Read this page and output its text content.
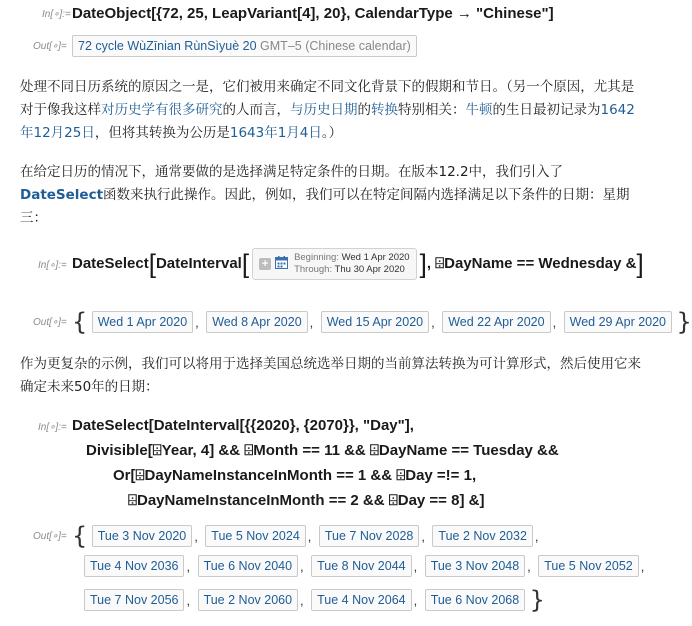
In[∘]:= DateObject[{72, 25, LeapVariant[4], 20}, CalendarType → "Chinese"]
Out[∘]= 72 cycle WùZīnian RùnSìyuè 20 GMT–5 (Chinese calendar)
处理不同日历系统的原因之一是，它们被用来确定不同文化背景下的假期和节日。（另一个原因，尤其是对于像我这样对历史学有很多研究的人而言，与历史日期的转换特别相关：牛顿的生日最初记录为1642年12月25日，但将其转换为公历是1643年1月4日。）
在给定日历的情况下，通常要做的是选择满足特定条件的日期。在版本12.2中，我们引入了DateSelect函数来执行此操作。因此，例如，我们可以在特定间隔内选择满足以下条件的日期：星期三：
In[∘]:= DateSelect[DateInterval[ +Beginning: Wed 1 Apr 2020
Through: Thu 30 Apr 2020 ], ⌹DayName == Wednesday &]
Out[∘]= { Wed 1 Apr 2020 , Wed 8 Apr 2020 , Wed 15 Apr 2020 , Wed 22 Apr 2020 , Wed 29 Apr 2020 }
作为更复杂的示例，我们可以将用于选择美国总统选举日期的当前算法转换为可计算形式，然后使用它来确定未来50年的日期：
In[∘]:= DateSelect[DateInterval[{{2020}, {2070}}, "Day"],
Divisible[⌹Year, 4] && ⌹Month == 11 && ⌹DayName == Tuesday &&
Or[⌹DayNameInstanceInMonth == 1 && ⌹Day =!= 1,
⌹DayNameInstanceInMonth == 2 && ⌹Day == 8] &]
Out[∘]= { Tue 3 Nov 2020 , Tue 5 Nov 2024 , Tue 7 Nov 2028 , Tue 2 Nov 2032 ,
Tue 4 Nov 2036 , Tue 6 Nov 2040 , Tue 8 Nov 2044 , Tue 3 Nov 2048 , Tue 5 Nov 2052 ,
Tue 7 Nov 2056 , Tue 2 Nov 2060 , Tue 4 Nov 2064 , Tue 6 Nov 2068 }
